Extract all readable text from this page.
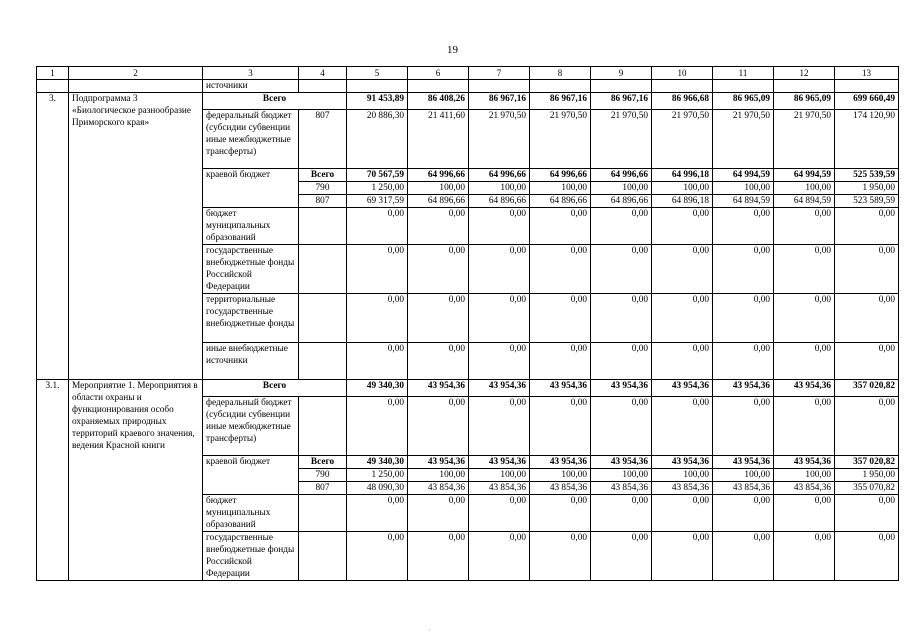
19
1	2	3	4	5	6	7	8	9	10	11	12	13
		источники										
3.	Подпрограмма 3 «Биологическое разнообразие Приморского края»	Всего		91 453,89	86 408,26	86 967,16	86 967,16	86 967,16	86 966,68	86 965,09	86 965,09	699 660,49
		федеральный бюджет (субсидии субвенции иные межбюджетные трансферты)	807	20 886,30	21 411,60	21 970,50	21 970,50	21 970,50	21 970,50	21 970,50	21 970,50	174 120,90
		краевой бюджет	Всего	70 567,59	64 996,66	64 996,66	64 996,66	64 996,66	64 996,18	64 994,59	64 994,59	525 539,59
			790	1 250,00	100,00	100,00	100,00	100,00	100,00	100,00	100,00	1 950,00
			807	69 317,59	64 896,66	64 896,66	64 896,66	64 896,66	64 896,18	64 894,59	64 894,59	523 589,59
		бюджет муниципальных образований		0,00	0,00	0,00	0,00	0,00	0,00	0,00	0,00	0,00
		государственные внебюджетные фонды Российской Федерации		0,00	0,00	0,00	0,00	0,00	0,00	0,00	0,00	0,00
		территориальные государственные внебюджетные фонды		0,00	0,00	0,00	0,00	0,00	0,00	0,00	0,00	0,00
		иные внебюджетные источники		0,00	0,00	0,00	0,00	0,00	0,00	0,00	0,00	0,00
3.1.	Мероприятие 1. Мероприятия в области охраны и функционирования особо охраняемых природных территорий краевого значения, ведения Красной книги	Всего		49 340,30	43 954,36	43 954,36	43 954,36	43 954,36	43 954,36	43 954,36	43 954,36	357 020,82
		федеральный бюджет (субсидии субвенции иные межбюджетные трансферты)		0,00	0,00	0,00	0,00	0,00	0,00	0,00	0,00	0,00
		краевой бюджет	Всего	49 340,30	43 954,36	43 954,36	43 954,36	43 954,36	43 954,36	43 954,36	43 954,36	357 020,82
			790	1 250,00	100,00	100,00	100,00	100,00	100,00	100,00	100,00	1 950,00
			807	48 090,30	43 854,36	43 854,36	43 854,36	43 854,36	43 854,36	43 854,36	43 854,36	355 070,82
		бюджет муниципальных образований		0,00	0,00	0,00	0,00	0,00	0,00	0,00	0,00	0,00
		государственные внебюджетные фонды Российской Федерации		0,00	0,00	0,00	0,00	0,00	0,00	0,00	0,00	0,00
·
